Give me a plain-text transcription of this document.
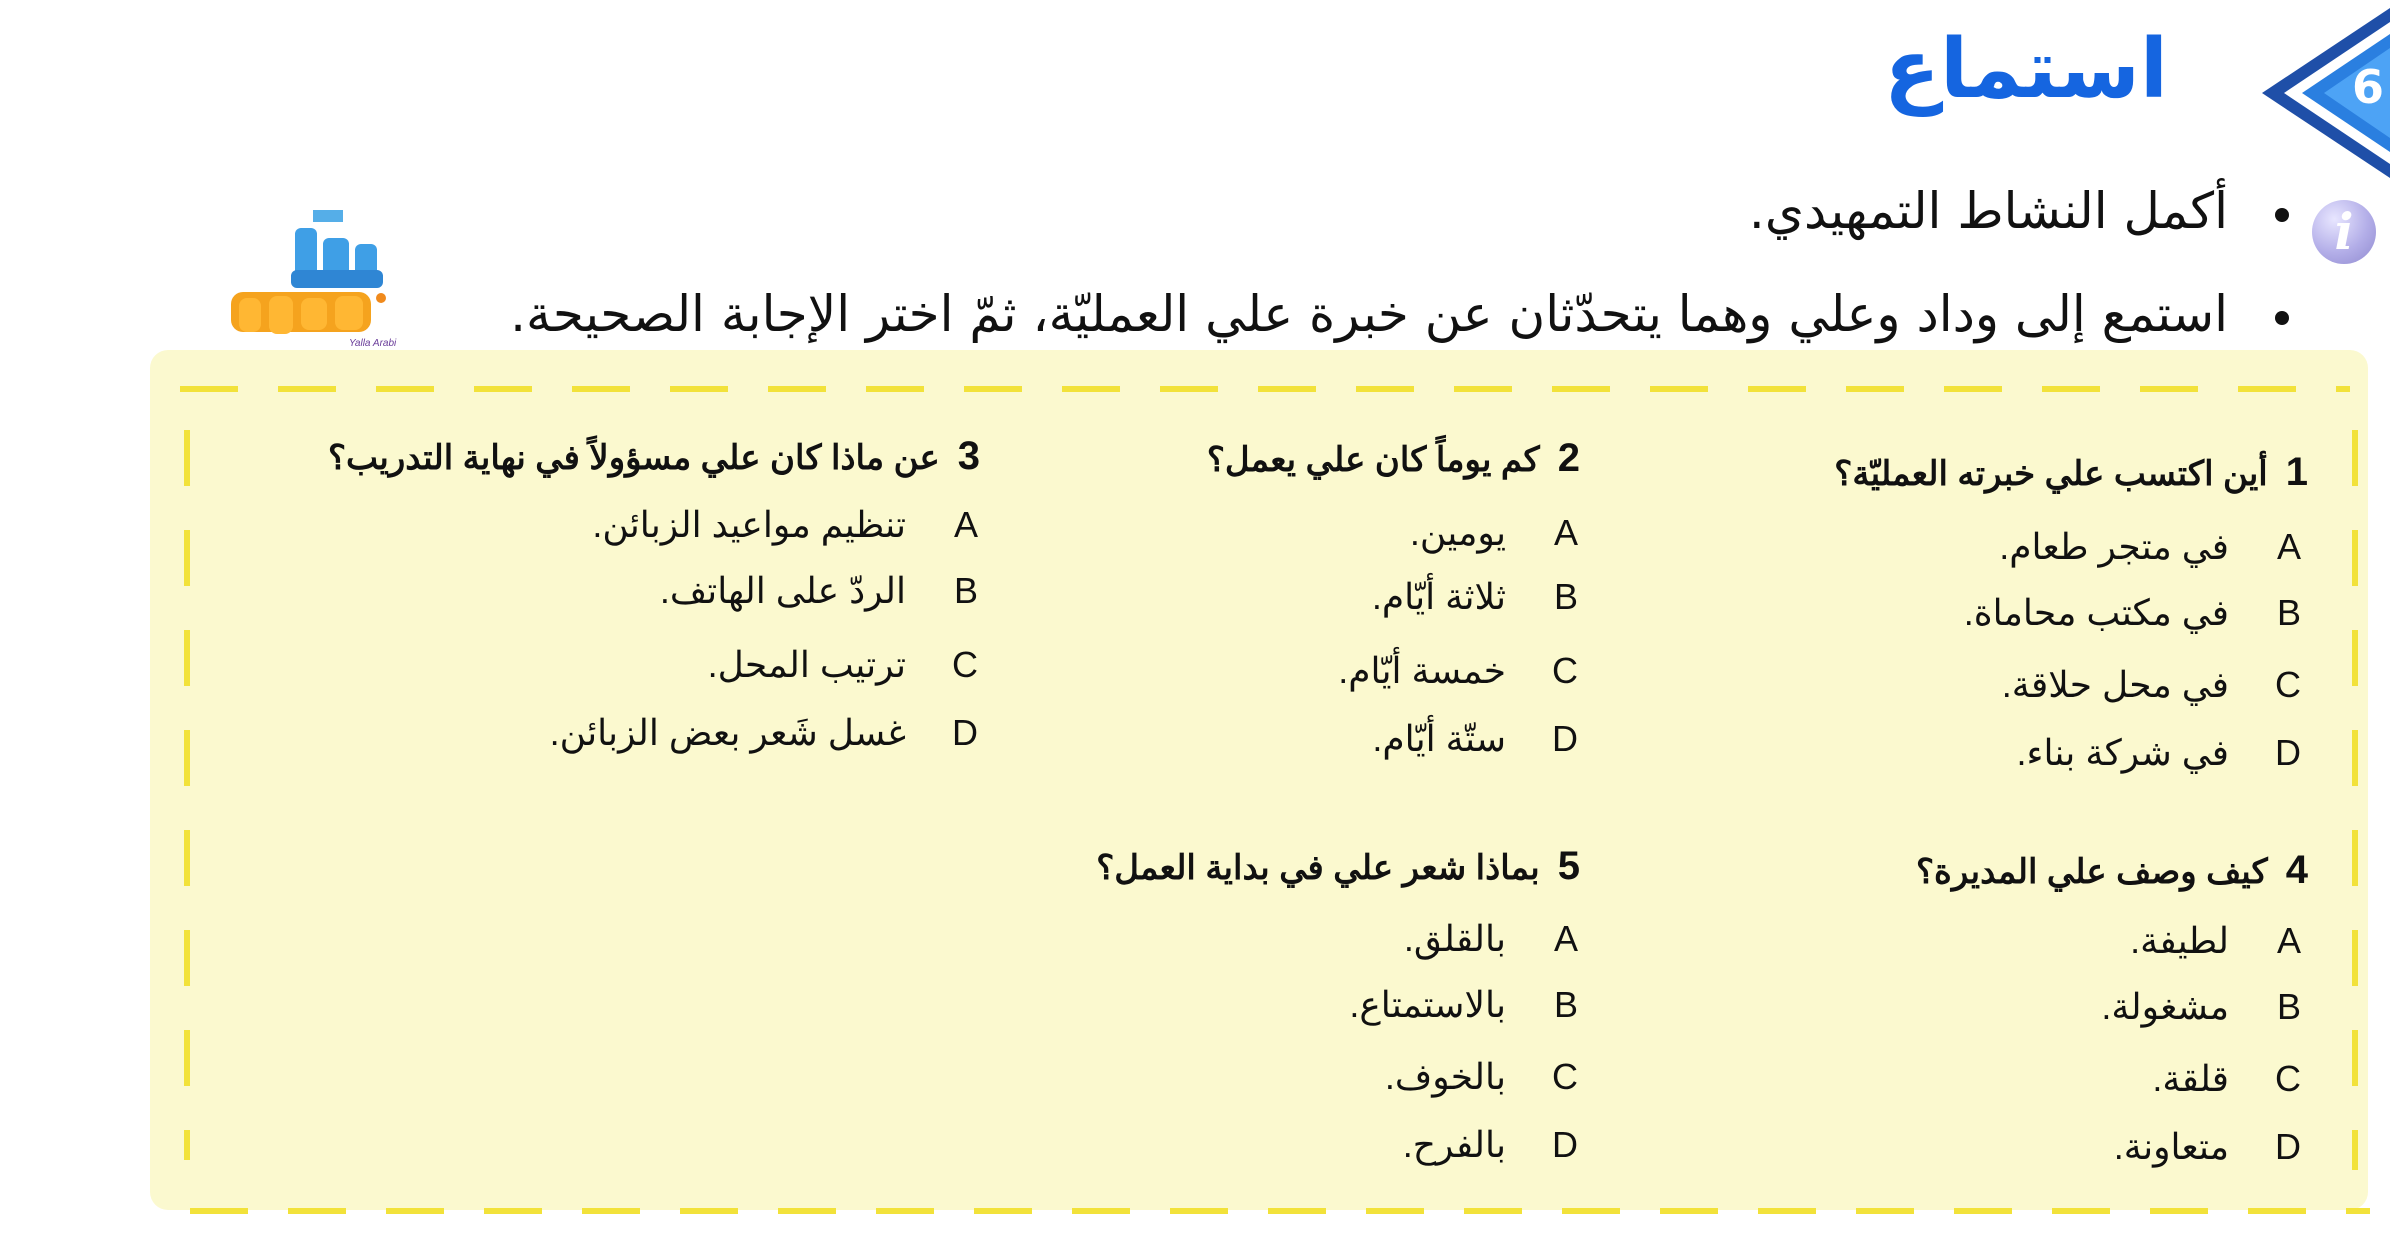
6
استماع
i
أكمل النشاط التمهيدي.
استمع إلى وداد وعلي وهما يتحدّثان عن خبرة علي العمليّة، ثمّ اختر الإجابة الصحيحة.
Yalla Arabi
1أين اكتسب علي خبرته العمليّة؟
Aفي متجر طعام.
Bفي مكتب محاماة.
Cفي محل حلاقة.
Dفي شركة بناء.
2كم يوماً كان علي يعمل؟
Aيومين.
Bثلاثة أيّام.
Cخمسة أيّام.
Dستّة أيّام.
3عن ماذا كان علي مسؤولاً في نهاية التدريب؟
Aتنظيم مواعيد الزبائن.
Bالردّ على الهاتف.
Cترتيب المحل.
Dغسل شَعر بعض الزبائن.
4كيف وصف علي المديرة؟
Aلطيفة.
Bمشغولة.
Cقلقة.
Dمتعاونة.
5بماذا شعر علي في بداية العمل؟
Aبالقلق.
Bبالاستمتاع.
Cبالخوف.
Dبالفرح.
